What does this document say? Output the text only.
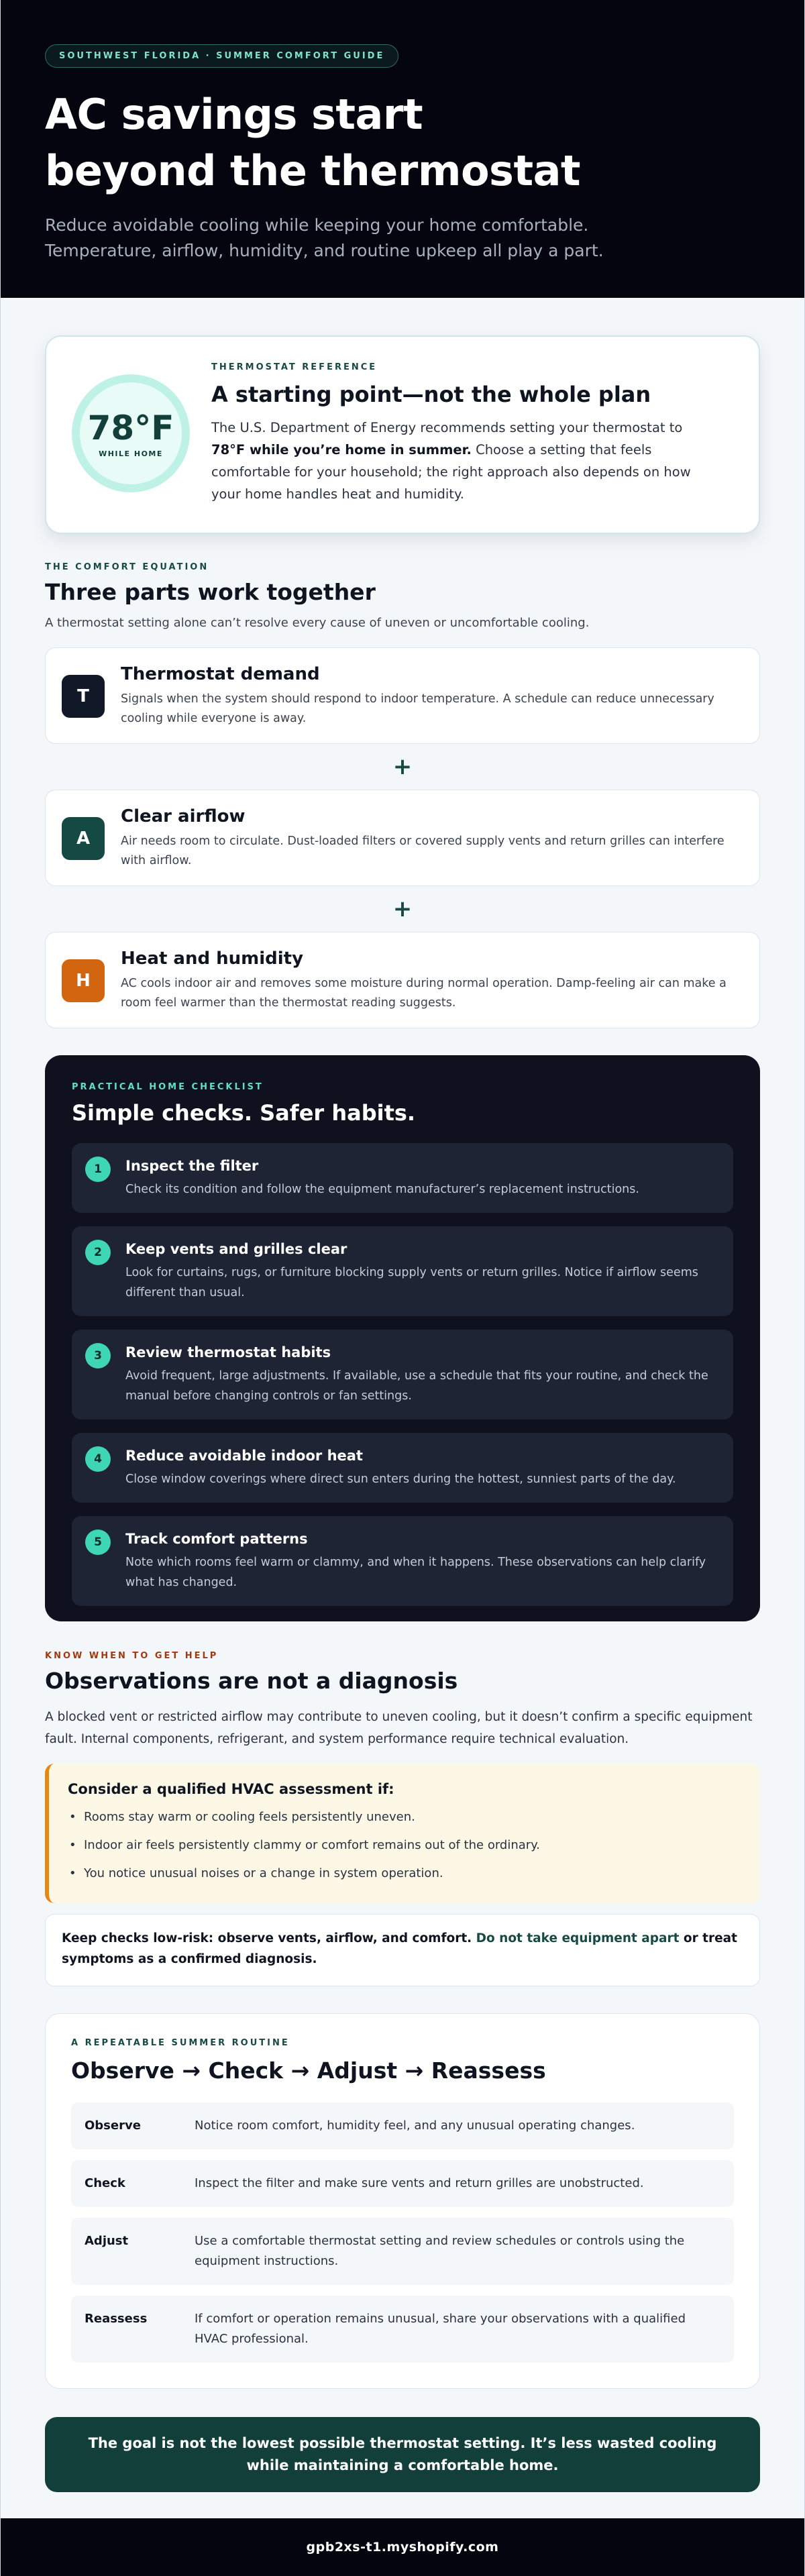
SOUTHWEST FLORIDA · SUMMER COMFORT GUIDE
AC savings start
beyond the thermostat

Reduce avoidable cooling while keeping your home comfortable.
Temperature, airflow, humidity, and routine upkeep all play a part.

78°F
WHILE HOME
THERMOSTAT REFERENCE
A starting point—not the whole plan

The U.S. Department of Energy recommends setting your thermostat to 78°F while you’re home in summer. Choose a setting that feels comfortable for your household; the right approach also depends on how your home handles heat and humidity.

THE COMFORT EQUATION
Three parts work together

A thermostat setting alone can’t resolve every cause of uneven or uncomfortable cooling.

T
Thermostat demand
Signals when the system should respond to indoor temperature. A schedule can reduce unnecessary cooling while everyone is away.
+
A
Clear airflow
Air needs room to circulate. Dust-loaded filters or covered supply vents and return grilles can interfere with airflow.
+
H
Heat and humidity
AC cools indoor air and removes some moisture during normal operation. Damp-feeling air can make a room feel warmer than the thermostat reading suggests.
PRACTICAL HOME CHECKLIST
Simple checks. Safer habits.
1	Inspect the filter
Check its condition and follow the equipment manufacturer’s replacement instructions.
2	Keep vents and grilles clear
Look for curtains, rugs, or furniture blocking supply vents or return grilles. Notice if airflow seems different than usual.
3	Review thermostat habits
Avoid frequent, large adjustments. If available, use a schedule that fits your routine, and check the manual before changing controls or fan settings.
4	Reduce avoidable indoor heat
Close window coverings where direct sun enters during the hottest, sunniest parts of the day.
5	Track comfort patterns
Note which rooms feel warm or clammy, and when it happens. These observations can help clarify what has changed.
KNOW WHEN TO GET HELP
Observations are not a diagnosis

A blocked vent or restricted airflow may contribute to uneven cooling, but it doesn’t confirm a specific equipment fault. Internal components, refrigerant, and system performance require technical evaluation.

Consider a qualified HVAC assessment if:
• Rooms stay warm or cooling feels persistently uneven.
• Indoor air feels persistently clammy or comfort remains out of the ordinary.
• You notice unusual noises or a change in system operation.
Keep checks low-risk: observe vents, airflow, and comfort. Do not take equipment apart or treat symptoms as a confirmed diagnosis.
A REPEATABLE SUMMER ROUTINE
Observe → Check → Adjust → Reassess
Observe	Notice room comfort, humidity feel, and any unusual operating changes.
Check	Inspect the filter and make sure vents and return grilles are unobstructed.
Adjust	Use a comfortable thermostat setting and review schedules or controls using the equipment instructions.
Reassess	If comfort or operation remains unusual, share your observations with a qualified HVAC professional.
The goal is not the lowest possible thermostat setting. It’s less wasted cooling while maintaining a comfortable home.
gpb2xs-t1.myshopify.com
